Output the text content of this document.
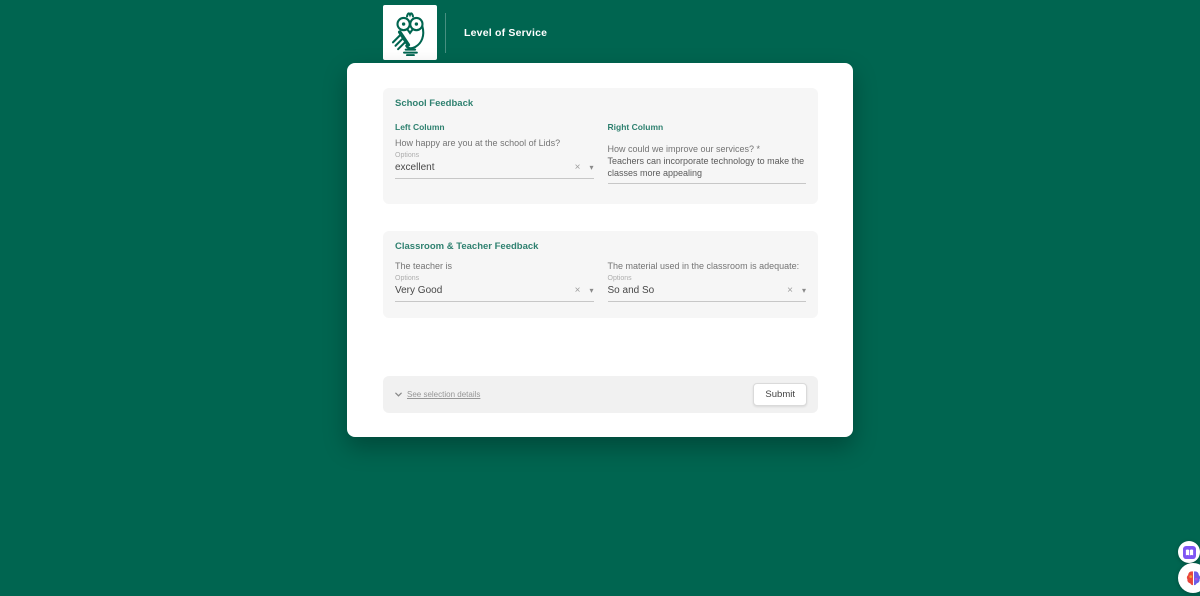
Level of Service
School Feedback
Left Column
How happy are you at the school of Lids?
Options
excellent	× ▾
Right Column
How could we improve our services? *
Teachers can incorporate technology to make the classes more appealing
Classroom & Teacher Feedback
The teacher is
Options
Very Good	× ▾
The material used in the classroom is adequate:
Options
So and So	× ▾
See selection details	Submit
